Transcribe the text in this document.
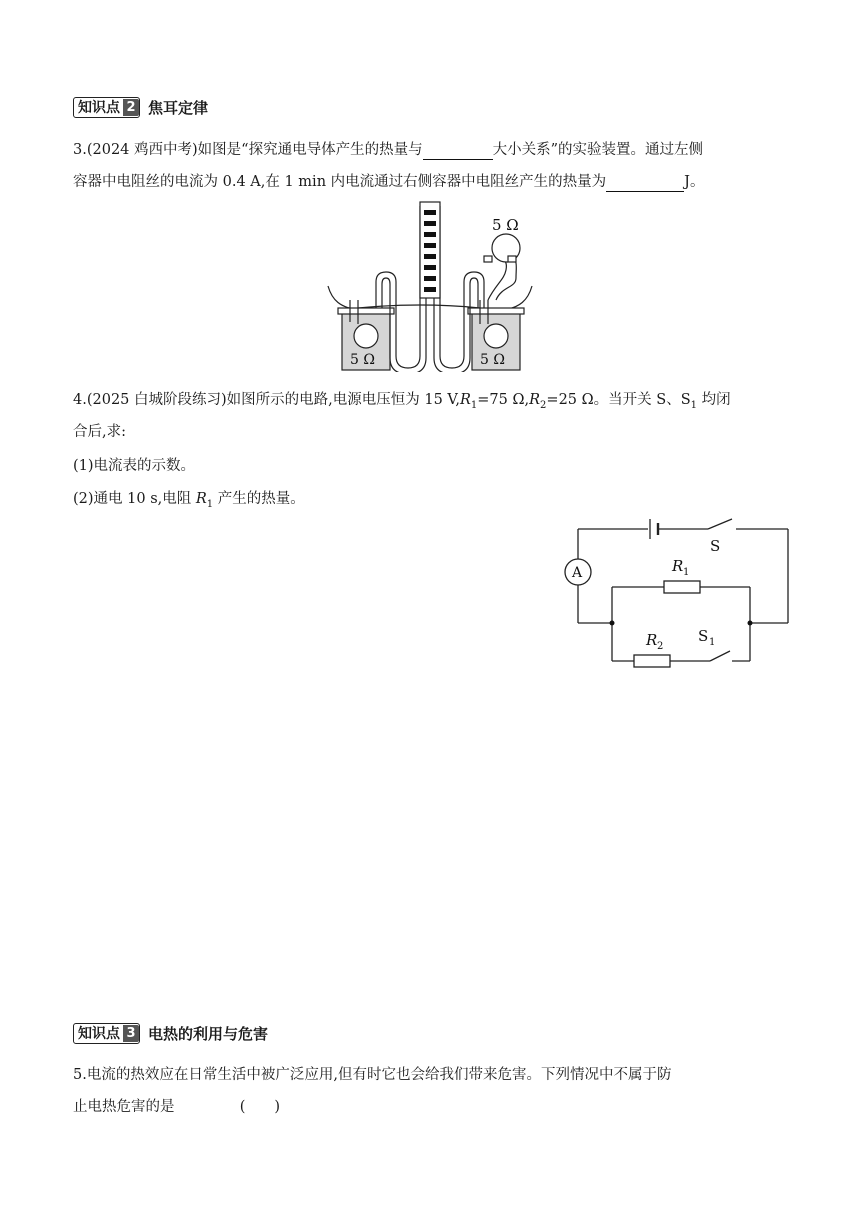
知识点 2 焦耳定律
3.(2024 鸡西中考)如图是“探究通电导体产生的热量与	大小关系”的实验装置。通过左侧
容器中电阻丝的电流为 0.4 A,在 1 min 内电流通过右侧容器中电阻丝产生的热量为	J。
5 Ω
5 Ω	5 Ω
4.(2025 白城阶段练习)如图所示的电路,电源电压恒为 15 $V,R_1=75$ $\Omega,R_2=25$ Ω。当开关 S、$S_1$ 均闭
合后,求:
(1)电流表的示数。
(2)通电 10 s,电阻 $R_1$ 产生的热量。
A
S
R 1
R 2
S 1
知识点 3 电热的利用与危害
5.电流的热效应在日常生活中被广泛应用,但有时它也会给我们带来危害。下列情况中不属于防
止电热危害的是	(　　)
